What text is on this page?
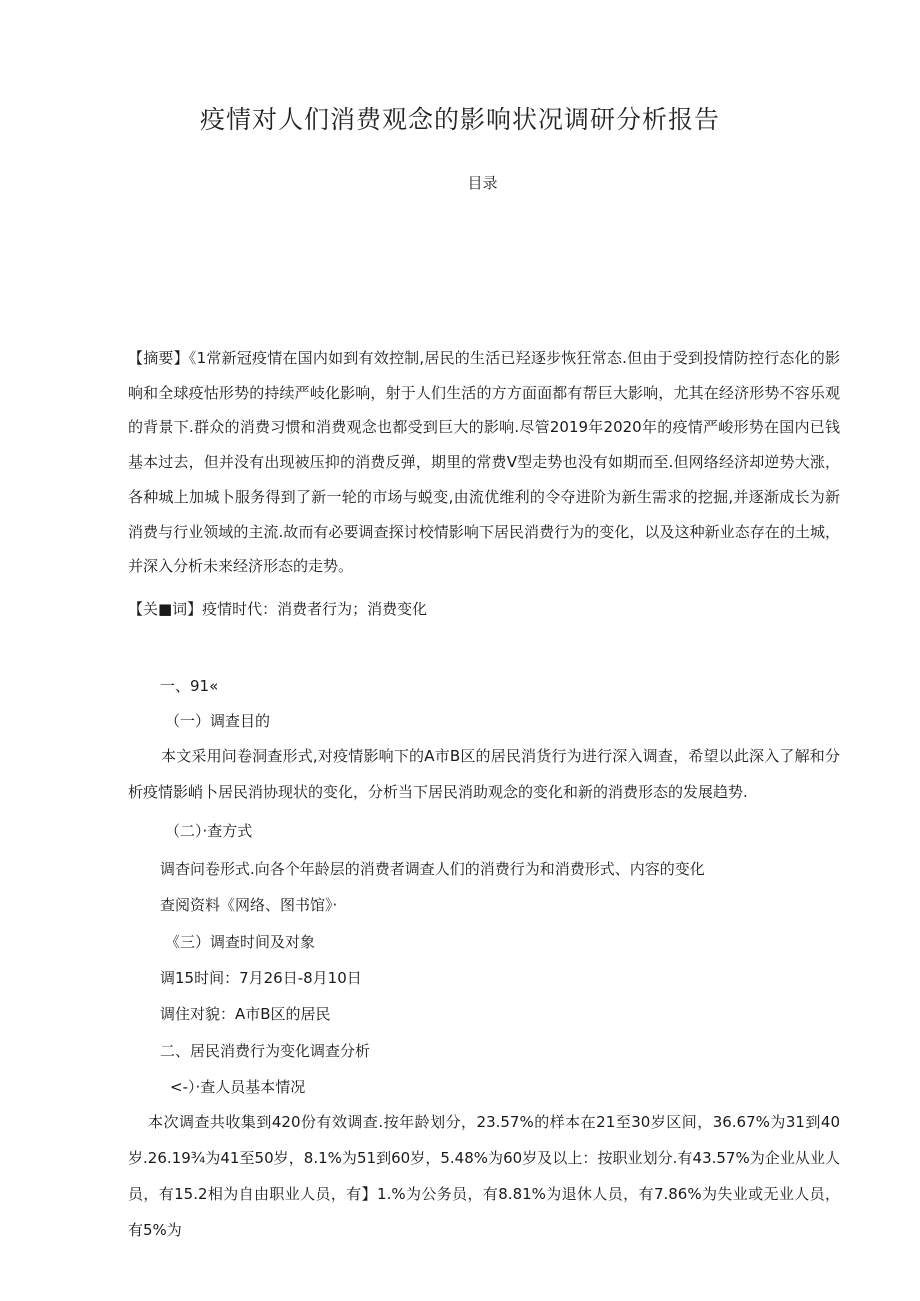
疫情对人们消费观念的影响状况调研分析报告
目录

【摘要】《1常新冠疫情在国内如到有效控制,居民的生活已羟逐步恢狂常态.但由于受到投情防控行态化的影响和全球疫怙形势的持续严岐化影响，射于人们生活的方方面面都有帮巨大影响，尤其在经济形势不容乐观的背景下.群众的消费习惯和消费观念也都受到巨大的影响.尽管2019年2020年的疫情严峻形势在国内已钱基本过去，但并没有出现被压抑的消费反弹，期里的常费V型走势也没有如期而至.但网络经济却逆势大涨，各种城上加城卜服务得到了新一轮的市场与蜕变,由流优维利的令夺进阶为新生需求的挖掘,并逐渐成长为新消费与行业领域的主流.故而有必要调查探讨校情影响下居民消费行为的变化，以及这种新业态存在的土城，并深入分析未来经济形态的走势。

【关■词】疫情时代：消费者行为；消费变化

一、91«

（一）调查目的

本文采用问卷洞查形式,对疫情影响下的A市B区的居民消货行为进行深入调查，希望以此深入了解和分析疫情影峭卜居民消协现状的变化，分析当下居民消助观念的变化和新的消费形态的发展趋势.

（二）·查方式

调杳问卷形式.向各个年龄层的消费者调查人们的消费行为和消费形式、内容的变化

查阅资料《网络、图书馆》·

《三）调查时间及对象

调15时间：7月26日-8月10日

调住对貌：A市B区的居民

二、居民消费行为变化调查分析

<-）·查人员基本情况

本次调查共收集到420份有效调查.按年龄划分，23.57%的样本在21至30岁区间，36.67%为31到40岁.26.19¾为41至50岁，8.1%为51到60岁，5.48%为60岁及以上：按职业划分.有43.57%为企业从业人员，有15.2相为自由职业人员，有】1.%为公务员，有8.81%为退休人员，有7.86%为失业或无业人员，有5%为
